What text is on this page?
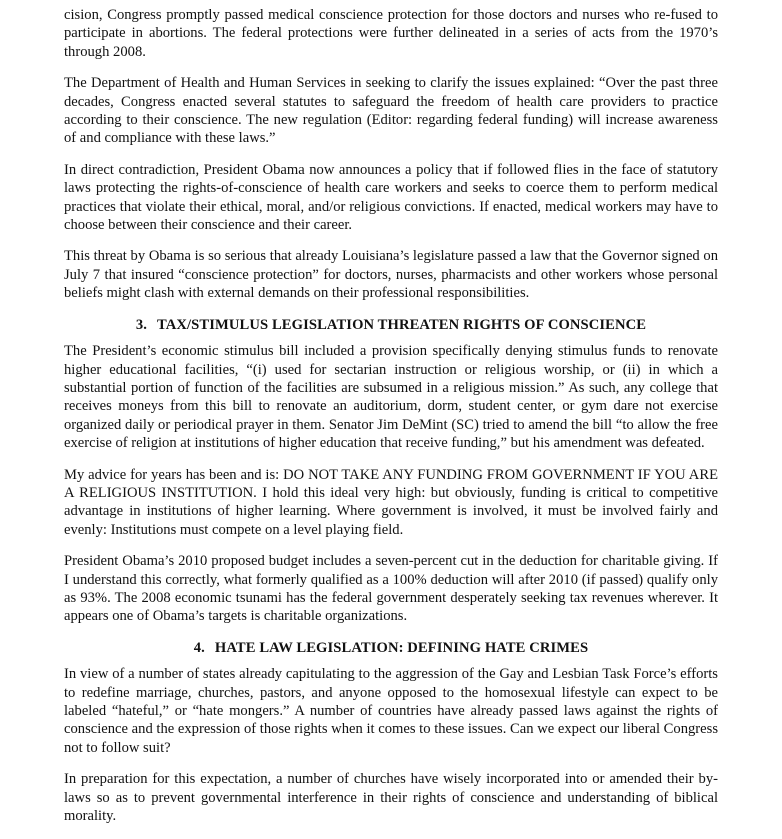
cision, Congress promptly passed medical conscience protection for those doctors and nurses who re-fused to participate in abortions. The federal protections were further delineated in a series of acts from the 1970’s through 2008.

The Department of Health and Human Services in seeking to clarify the issues explained: “Over the past three decades, Congress enacted several statutes to safeguard the freedom of health care providers to practice according to their conscience. The new regulation (Editor: regarding federal funding) will increase awareness of and compliance with these laws.”

In direct contradiction, President Obama now announces a policy that if followed flies in the face of statutory laws protecting the rights-of-conscience of health care workers and seeks to coerce them to perform medical practices that violate their ethical, moral, and/or religious convictions. If enacted, medical workers may have to choose between their conscience and their career.

This threat by Obama is so serious that already Louisiana’s legislature passed a law that the Governor signed on July 7 that insured “conscience protection” for doctors, nurses, pharmacists and other workers whose personal beliefs might clash with external demands on their professional responsibilities.

3. TAX/STIMULUS LEGISLATION THREATEN RIGHTS OF CONSCIENCE

The President’s economic stimulus bill included a provision specifically denying stimulus funds to renovate higher educational facilities, “(i) used for sectarian instruction or religious worship, or (ii) in which a substantial portion of function of the facilities are subsumed in a religious mission.” As such, any college that receives moneys from this bill to renovate an auditorium, dorm, student center, or gym dare not exercise organized daily or periodical prayer in them. Senator Jim DeMint (SC) tried to amend the bill “to allow the free exercise of religion at institutions of higher education that receive funding,” but his amendment was defeated.

My advice for years has been and is: DO NOT TAKE ANY FUNDING FROM GOVERNMENT IF YOU ARE A RELIGIOUS INSTITUTION. I hold this ideal very high: but obviously, funding is critical to competitive advantage in institutions of higher learning. Where government is involved, it must be involved fairly and evenly: Institutions must compete on a level playing field.

President Obama’s 2010 proposed budget includes a seven-percent cut in the deduction for charitable giving. If I understand this correctly, what formerly qualified as a 100% deduction will after 2010 (if passed) qualify only as 93%. The 2008 economic tsunami has the federal government desperately seeking tax revenues wherever. It appears one of Obama’s targets is charitable organizations.

4. HATE LAW LEGISLATION: DEFINING HATE CRIMES

In view of a number of states already capitulating to the aggression of the Gay and Lesbian Task Force’s efforts to redefine marriage, churches, pastors, and anyone opposed to the homosexual lifestyle can expect to be labeled “hateful,” or “hate mongers.” A number of countries have already passed laws against the rights of conscience and the expression of those rights when it comes to these issues. Can we expect our liberal Congress not to follow suit?

In preparation for this expectation, a number of churches have wisely incorporated into or amended their by-laws so as to prevent governmental interference in their rights of conscience and understanding of biblical morality.
